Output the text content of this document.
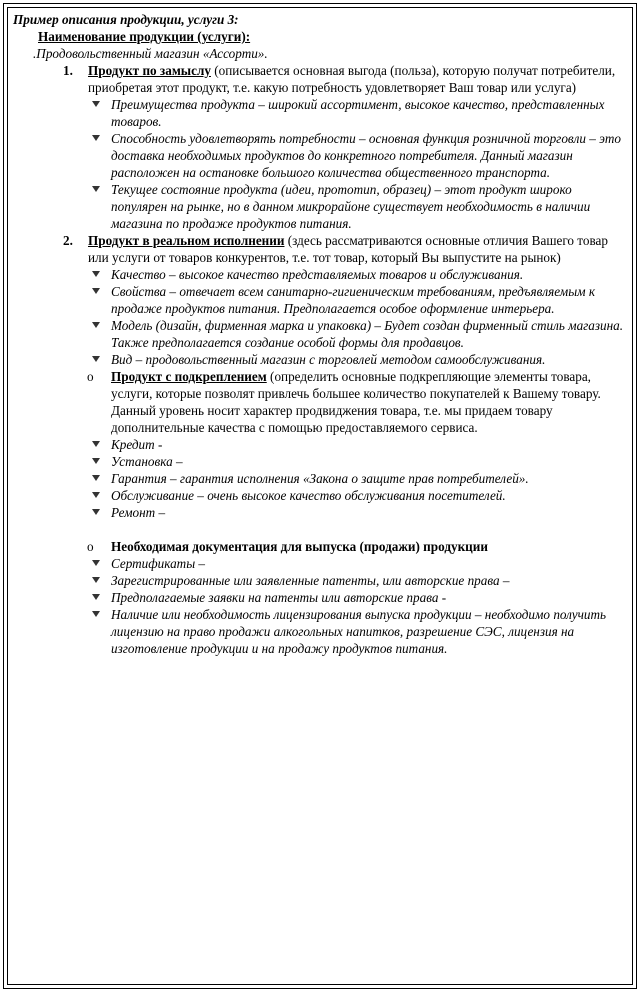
Пример описания продукции, услуги 3:
Наименование продукции (услуги):
.Продовольственный магазин «Ассорти».
1. Продукт по замыслу (описывается основная выгода (польза), которую получат потребители, приобретая этот продукт, т.е. какую потребность удовлетворяет Ваш товар или услуга)
Преимущества продукта – широкий ассортимент, высокое качество, представленных товаров.
Способность удовлетворять потребности – основная функция розничной торговли – это доставка необходимых продуктов до конкретного потребителя. Данный магазин расположен на остановке большого количества общественного транспорта.
Текущее состояние продукта (идеи, прототип, образец) – этот продукт широко популярен на рынке, но в данном микрорайоне существует необходимость в наличии магазина по продаже продуктов питания.
2. Продукт в реальном исполнении (здесь рассматриваются основные отличия Вашего товар или услуги от товаров конкурентов, т.е. тот товар, который Вы выпустите на рынок)
Качество – высокое качество представляемых товаров и обслуживания.
Свойства – отвечает всем санитарно-гигиеническим требованиям, предъявляемым к продаже продуктов питания. Предполагается особое оформление интерьера.
Модель (дизайн, фирменная марка и упаковка) – Будет создан фирменный стиль магазина. Также предполагается создание особой формы для продавцов.
Вид – продовольственный магазин с торговлей методом самообслуживания.
o Продукт с подкреплением (определить основные подкрепляющие элементы товара, услуги, которые позволят привлечь большее количество покупателей к Вашему товару. Данный уровень носит характер продвиджения товара, т.е. мы придаем товару дополнительные качества с помощью предоставляемого сервиса.
Кредит -
Установка –
Гарантия – гарантия исполнения «Закона о защите прав потребителей».
Обслуживание – очень высокое качество обслуживания посетителей.
Ремонт –
o Необходимая документация для выпуска (продажи) продукции
Сертификаты –
Зарегистрированные или заявленные патенты, или авторские права –
Предполагаемые заявки на патенты или авторские права -
Наличие или необходимость лицензирования выпуска продукции – необходимо получить лицензию на право продажи алкогольных напитков, разрешение СЭС, лицензия на изготовление продукции и на продажу продуктов питания.
